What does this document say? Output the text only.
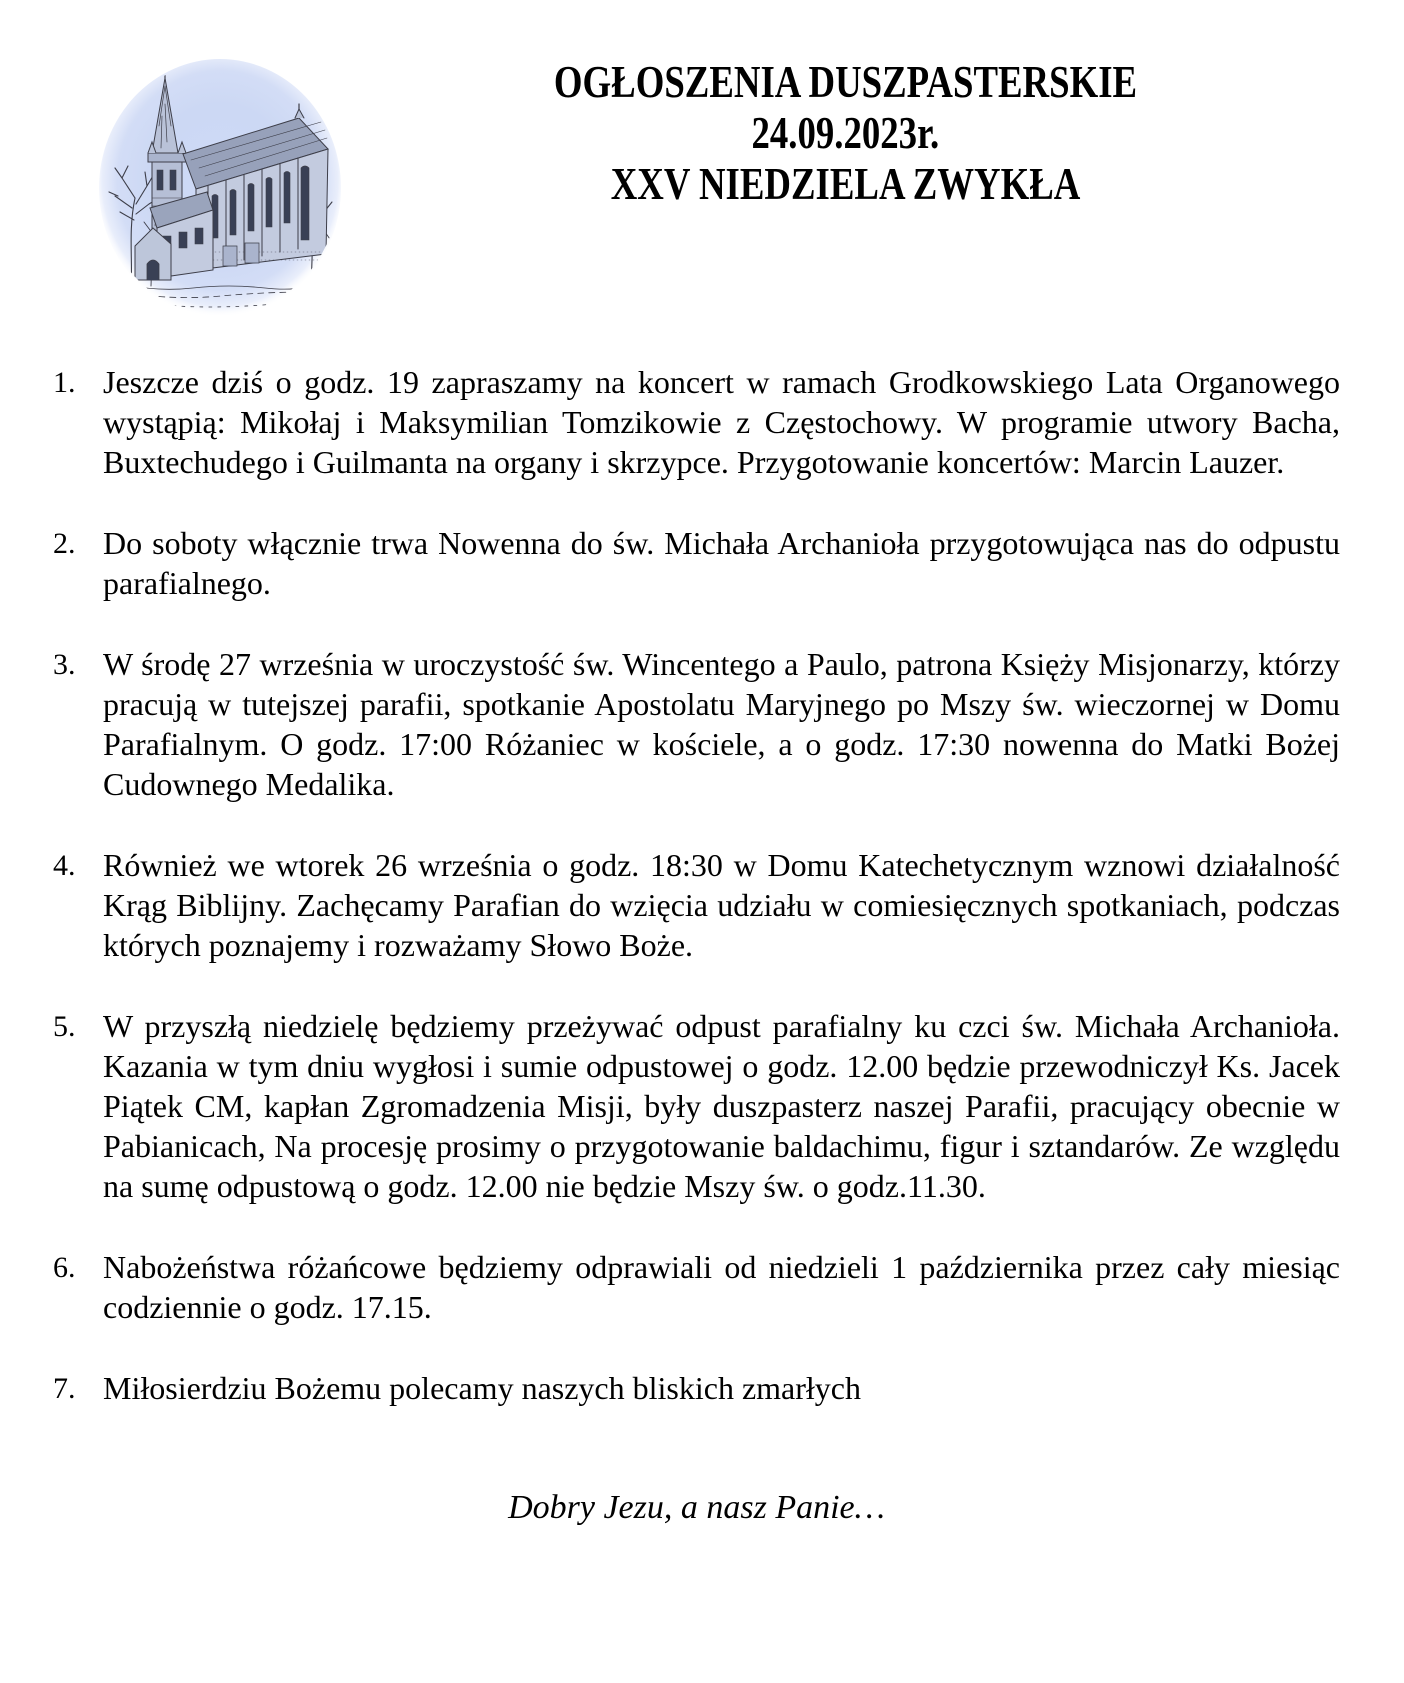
OGŁOSZENIA DUSZPASTERSKIE
24.09.2023r.
XXV NIEDZIELA ZWYKŁA
1. Jeszcze dziś o godz. 19 zapraszamy na koncert w ramach Grodkowskiego Lata Organowego wystąpią: Mikołaj i Maksymilian Tomzikowie z Częstochowy. W programie utwory Bacha, Buxtechudego i Guilmanta na organy i skrzypce. Przygotowanie koncertów: Marcin Lauzer.
2. Do soboty włącznie trwa Nowenna do św. Michała Archanioła przygotowująca nas do odpustu parafialnego.
3. W środę 27 września w uroczystość św. Wincentego a Paulo, patrona Księży Misjonarzy, którzy pracują w tutejszej parafii, spotkanie Apostolatu Maryjnego po Mszy św. wieczornej w Domu Parafialnym. O godz. 17:00 Różaniec w kościele, a o godz. 17:30 nowenna do Matki Bożej Cudownego Medalika.
4. Również we wtorek 26 września o godz. 18:30 w Domu Katechetycznym wznowi działalność Krąg Biblijny. Zachęcamy Parafian do wzięcia udziału w comiesięcznych spotkaniach, podczas których poznajemy i rozważamy Słowo Boże.
5. W przyszłą niedzielę będziemy przeżywać odpust parafialny ku czci św. Michała Archanioła. Kazania w tym dniu wygłosi i sumie odpustowej o godz. 12.00 będzie przewodniczył Ks. Jacek Piątek CM, kapłan Zgromadzenia Misji, były duszpasterz naszej Parafii, pracujący obecnie w Pabianicach, Na procesję prosimy o przygotowanie baldachimu, figur i sztandarów. Ze względu na sumę odpustową o godz. 12.00 nie będzie Mszy św. o godz.11.30.
6. Nabożeństwa różańcowe będziemy odprawiali od niedzieli 1 października przez cały miesiąc codziennie o godz. 17.15.
7. Miłosierdziu Bożemu polecamy naszych bliskich zmarłych
Dobry Jezu, a nasz Panie…
